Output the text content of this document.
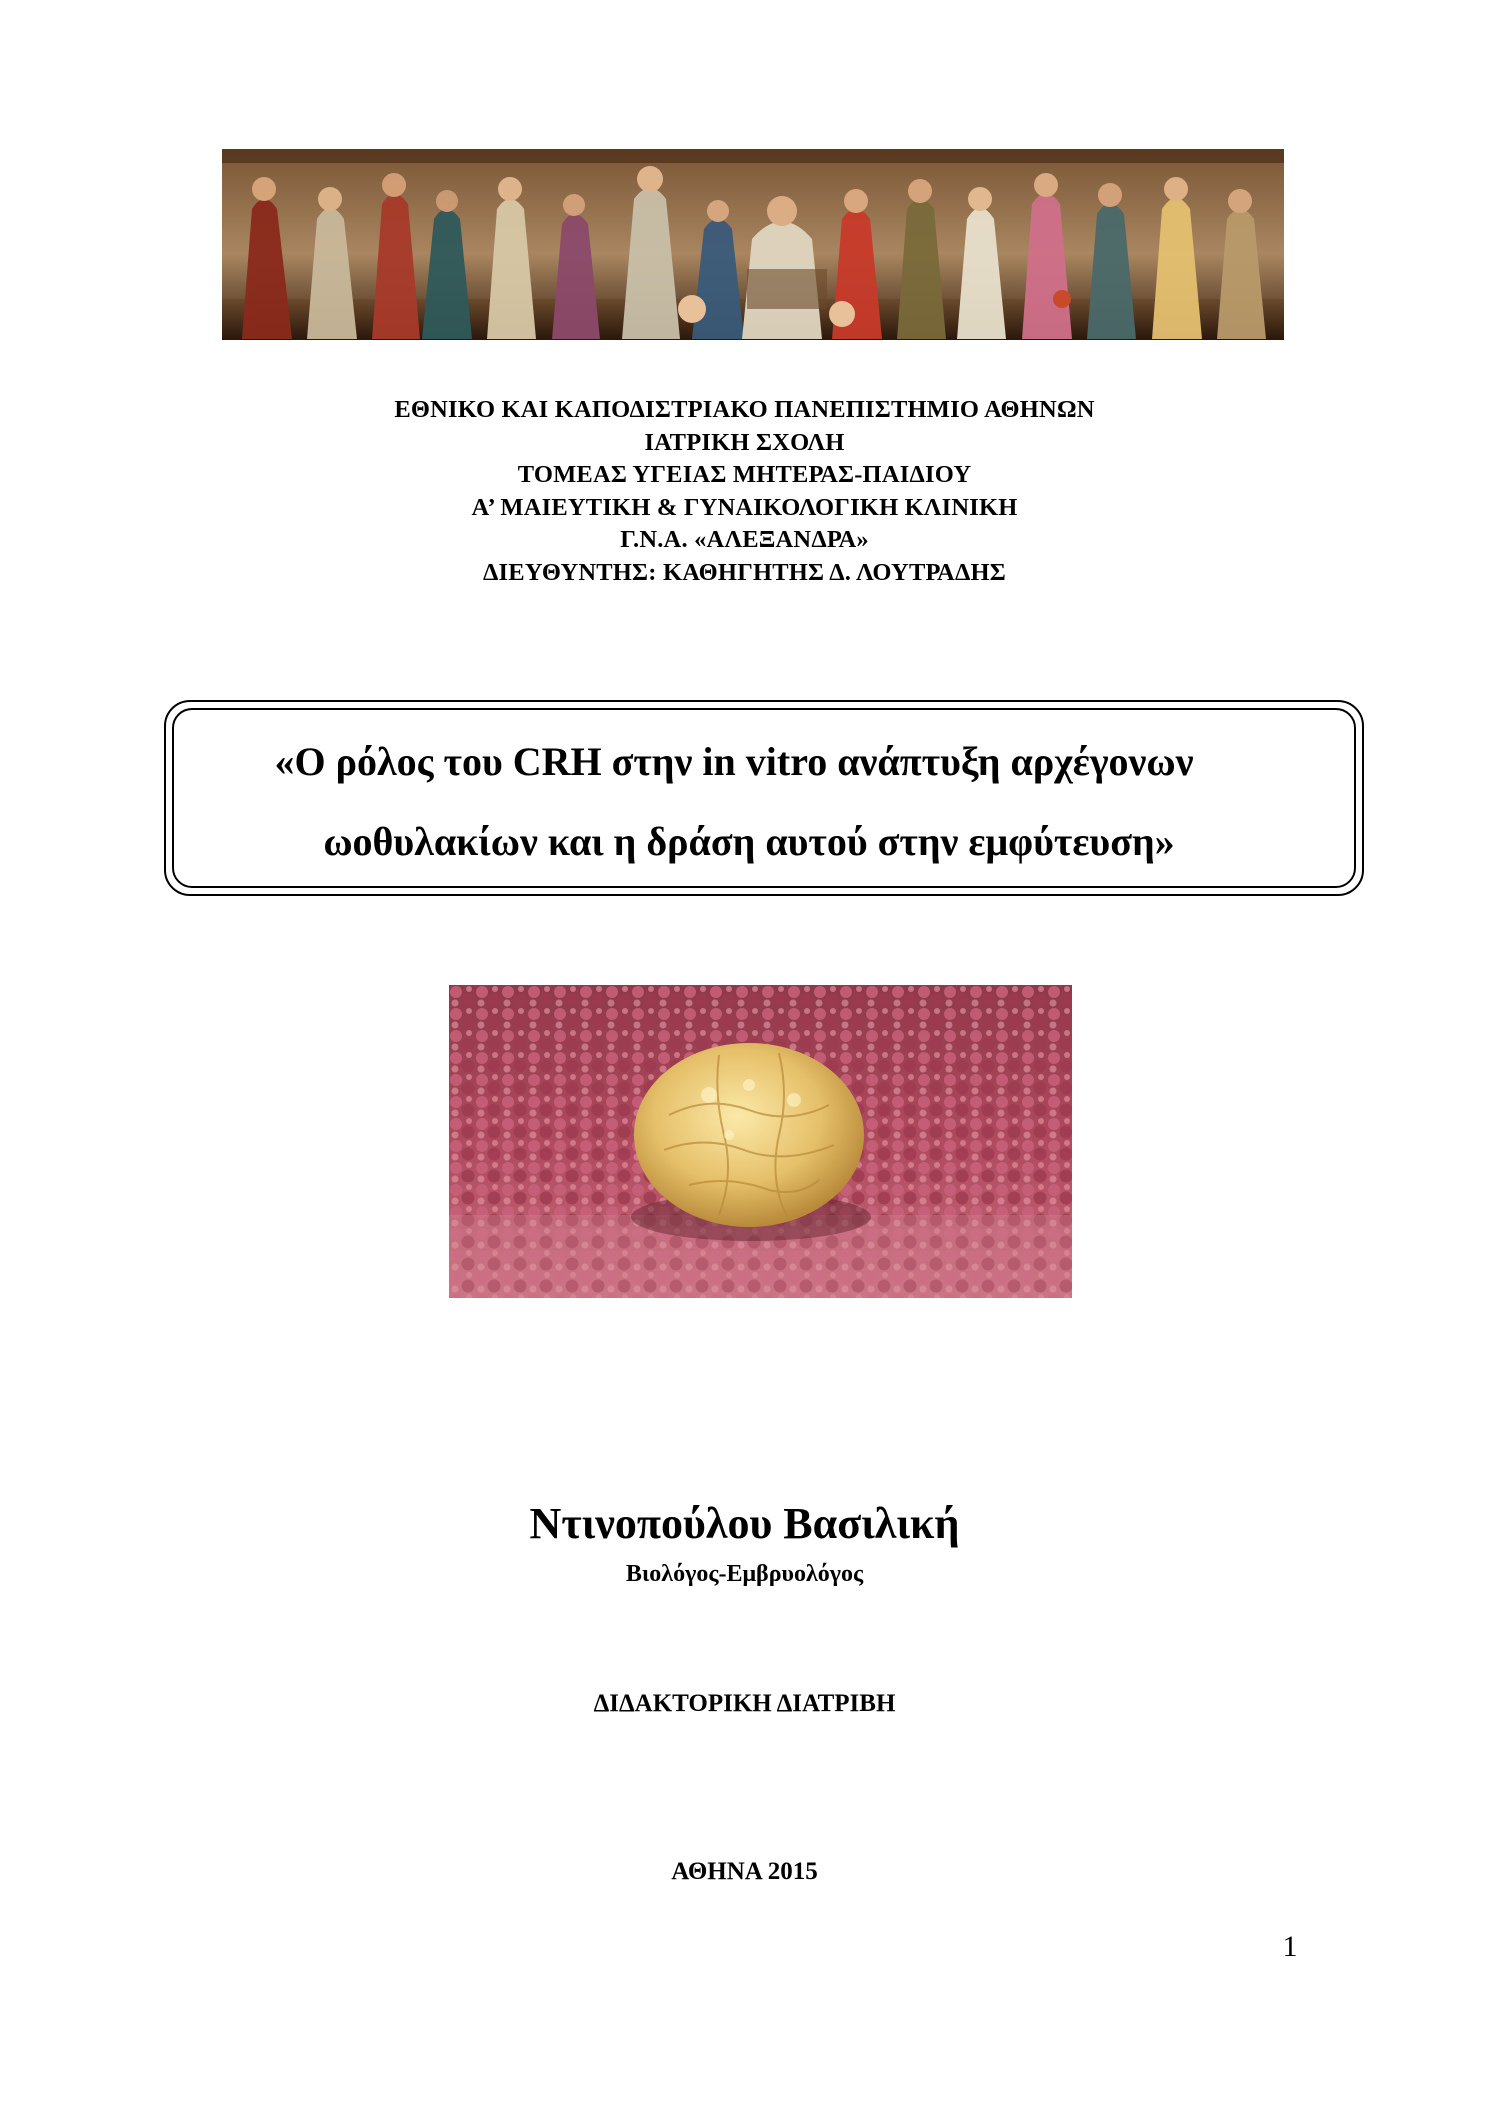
ΕΘΝΙΚΟ ΚΑΙ ΚΑΠΟΔΙΣΤΡΙΑΚΟ ΠΑΝΕΠΙΣΤΗΜΙΟ ΑΘΗΝΩΝ
ΙΑΤΡΙΚΗ ΣΧΟΛΗ
ΤΟΜΕΑΣ ΥΓΕΙΑΣ ΜΗΤΕΡΑΣ-ΠΑΙΔΙΟΥ
Α’ ΜΑΙΕΥΤΙΚΗ & ΓΥΝΑΙΚΟΛΟΓΙΚΗ ΚΛΙΝΙΚΗ
Γ.Ν.Α. «ΑΛΕΞΑΝΔΡΑ»
ΔΙΕΥΘΥΝΤΗΣ: ΚΑΘΗΓΗΤΗΣ Δ. ΛΟΥΤΡΑΔΗΣ
«Ο ρόλος του CRH στην in vitro ανάπτυξη αρχέγονων
ωοθυλακίων και η δράση αυτού στην εμφύτευση»
Ντινοπούλου Βασιλική
Βιολόγος-Εμβρυολόγος
ΔΙΔΑΚΤΟΡΙΚΗ ΔΙΑΤΡΙΒΗ
ΑΘΗΝΑ 2015
1
